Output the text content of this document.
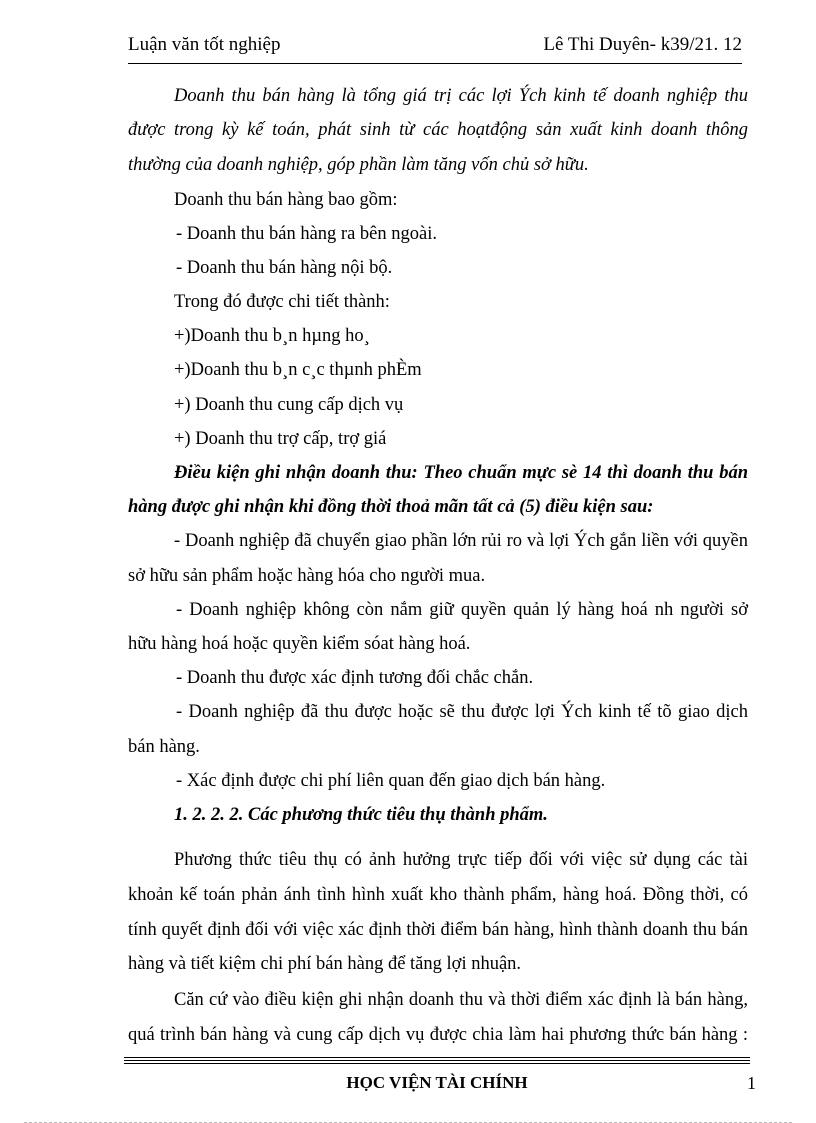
Luận văn tốt nghiệp	Lê Thi Duyên- k39/21. 12
Doanh thu bán hàng là tổng giá trị các lợi Ých kinh tế doanh nghiệp thu
được trong kỳ kế toán, phát sinh từ các hoạtđộng sản xuất kinh doanh thông
thường của doanh nghiệp, góp phần làm tăng vốn chủ sở hữu.
Doanh thu bán hàng bao gồm:
- Doanh thu bán hàng ra bên ngoài.
- Doanh thu bán hàng nội bộ.
Trong đó được chi tiết thành:
+)Doanh thu b¸n hµng ho¸
+)Doanh thu b¸n c¸c thµnh phÈm
+) Doanh thu cung cấp dịch vụ
+) Doanh thu trợ cấp, trợ giá
Điều kiện ghi nhận doanh thu: Theo chuẩn mực sè 14 thì doanh thu bán
hàng được ghi nhận khi đồng thời thoả mãn tất cả (5) điều kiện sau:
- Doanh nghiệp đã chuyển giao phần lớn rủi ro và lợi Ých gắn liền với quyền
sở hữu sản phẩm hoặc hàng hóa cho người mua.
- Doanh nghiệp không còn nắm giữ quyền quản lý hàng hoá nh người sở
hữu hàng hoá hoặc quyền kiểm sóat hàng hoá.
- Doanh thu được xác định tương đối chắc chắn.
- Doanh nghiệp đã thu được hoặc sẽ thu được lợi Ých kinh tế tõ giao dịch
bán hàng.
- Xác định được chi phí liên quan đến giao dịch bán hàng.
1. 2. 2. 2. Các phương thức tiêu thụ thành phẩm.
Phương thức tiêu thụ có ảnh hưởng trực tiếp đối với việc sử dụng các tài
khoản kế toán phản ánh tình hình xuất kho thành phẩm, hàng hoá. Đồng thời, có
tính quyết định đối với việc xác định thời điểm bán hàng, hình thành doanh thu bán
hàng và tiết kiệm chi phí bán hàng để tăng lợi nhuận.
Căn cứ vào điều kiện ghi nhận doanh thu và thời điểm xác định là bán hàng,
quá trình bán hàng và cung cấp dịch vụ được chia làm hai phương thức bán hàng :
HỌC VIỆN TÀI CHÍNH	1
